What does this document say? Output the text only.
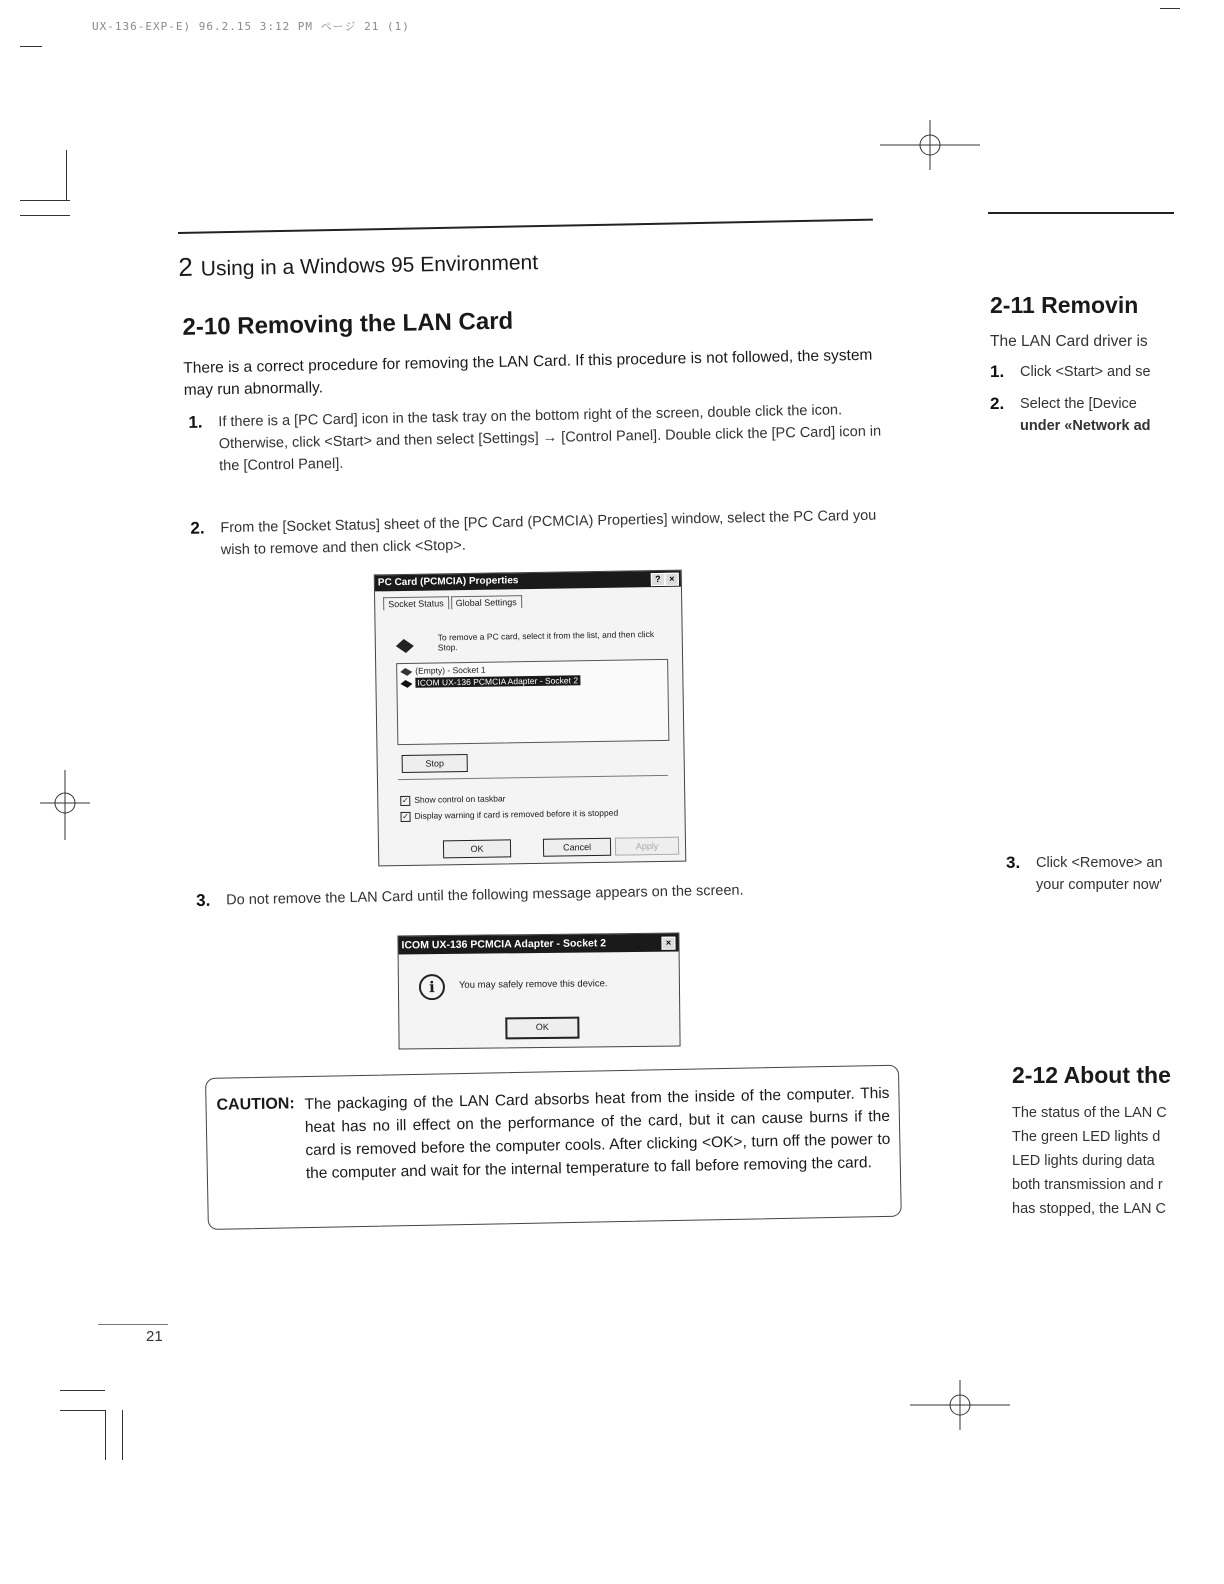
UX-136-EXP-E) 96.2.15 3:12 PM ページ 21 (1)
2 Using in a Windows 95 Environment
2-10 Removing the LAN Card
There is a correct procedure for removing the LAN Card. If this procedure is not followed, the system may run abnormally.
1. If there is a [PC Card] icon in the task tray on the bottom right of the screen, double click the icon. Otherwise, click <Start> and then select [Settings] → [Control Panel]. Double click the [PC Card] icon in the [Control Panel].
2. From the [Socket Status] sheet of the [PC Card (PCMCIA) Properties] window, select the PC Card you wish to remove and then click <Stop>.
PC Card (PCMCIA) Properties	? ×
Socket Status Global Settings
To remove a PC card, select it from the list, and then click Stop.
(Empty) - Socket 1
ICOM UX-136 PCMCIA Adapter - Socket 2
Stop
✓ Show control on taskbar
✓ Display warning if card is removed before it is stopped
OK	Cancel	Apply
3. Do not remove the LAN Card until the following message appears on the screen.
ICOM UX-136 PCMCIA Adapter - Socket 2	×
i	You may safely remove this device.
OK
CAUTION: The packaging of the LAN Card absorbs heat from the inside of the computer. This heat has no ill effect on the performance of the card, but it can cause burns if the card is removed before the computer cools. After clicking <OK>, turn off the power to the computer and wait for the internal temperature to fall before removing the card.
21
2-11 Removin
The LAN Card driver is
1. Click <Start> and se
2. Select the [Device
under «Network ad
3. Click <Remove> an
your computer now'
2-12 About the
The status of the LAN C
The green LED lights d
LED lights during data
both transmission and r
has stopped, the LAN C
